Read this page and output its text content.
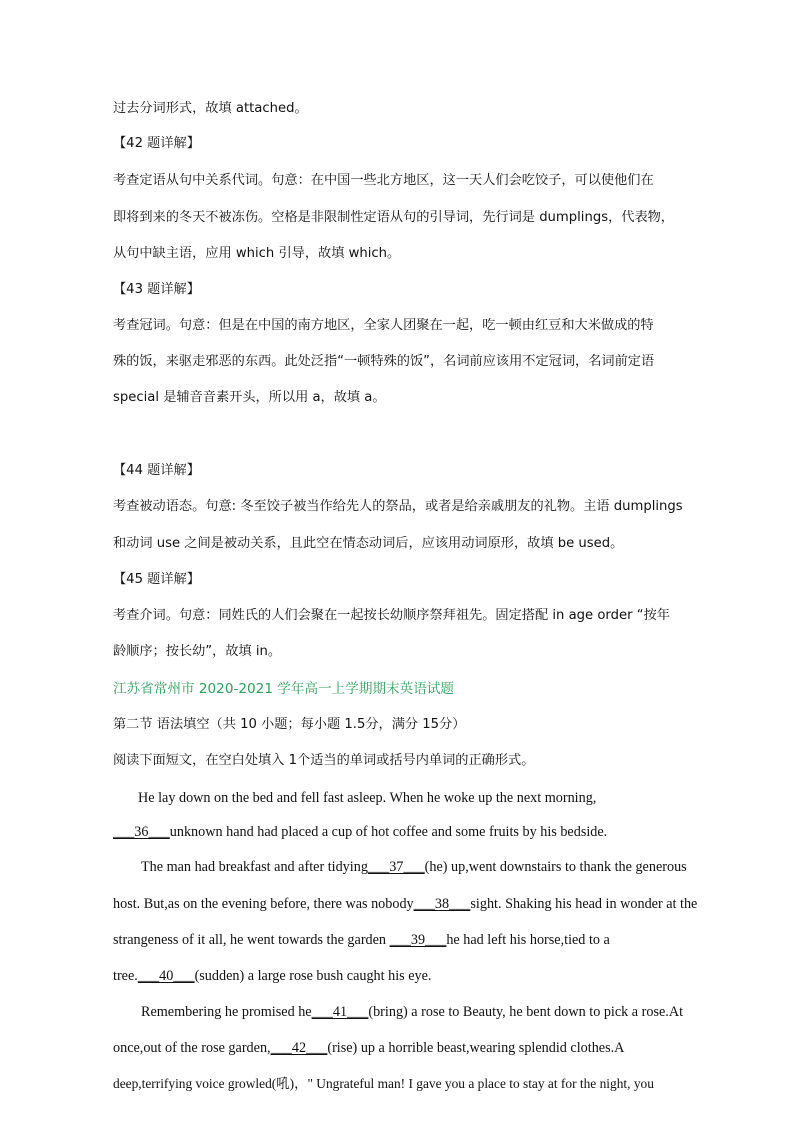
过去分词形式，故填 attached。
【42 题详解】
考查定语从句中关系代词。句意：在中国一些北方地区，这一天人们会吃饺子，可以使他们在
即将到来的冬天不被冻伤。空格是非限制性定语从句的引导词，先行词是 dumplings，代表物，
从句中缺主语，应用 which 引导，故填 which。
【43 题详解】
考查冠词。句意：但是在中国的南方地区，全家人团聚在一起，吃一顿由红豆和大米做成的特
殊的饭，来驱走邪恶的东西。此处泛指“一顿特殊的饭”，名词前应该用不定冠词，名词前定语
special 是辅音音素开头，所以用 a，故填 a。
【44 题详解】
考查被动语态。句意: 冬至饺子被当作给先人的祭品，或者是给亲戚朋友的礼物。主语 dumplings
和动词 use 之间是被动关系，且此空在情态动词后，应该用动词原形，故填 be used。
【45 题详解】
考查介词。句意：同姓氏的人们会聚在一起按长幼顺序祭拜祖先。固定搭配 in age order “按年
龄顺序；按长幼”，故填 in。
江苏省常州市 2020-2021 学年高一上学期期末英语试题
第二节 语法填空（共 10 小题；每小题 1.5分，满分 15分）
阅读下面短文，在空白处填入 1个适当的单词或括号内单词的正确形式。
He lay down on the bed and fell fast asleep. When he woke up the next morning,
___36___unknown hand had placed a cup of hot coffee and some fruits by his bedside.
The man had breakfast and after tidying___37___(he) up,went downstairs to thank the generous
host. But,as on the evening before, there was nobody___38___sight. Shaking his head in wonder at the
strangeness of it all, he went towards the garden ___39___he had left his horse,tied to a
tree.___40___(sudden) a large rose bush caught his eye.
Remembering he promised he___41___(bring) a rose to Beauty, he bent down to pick a rose.At
once,out of the rose garden,___42___(rise) up a horrible beast,wearing splendid clothes.A
deep,terrifying voice growled(吼)，" Ungrateful man! I gave you a place to stay at for the night, you
